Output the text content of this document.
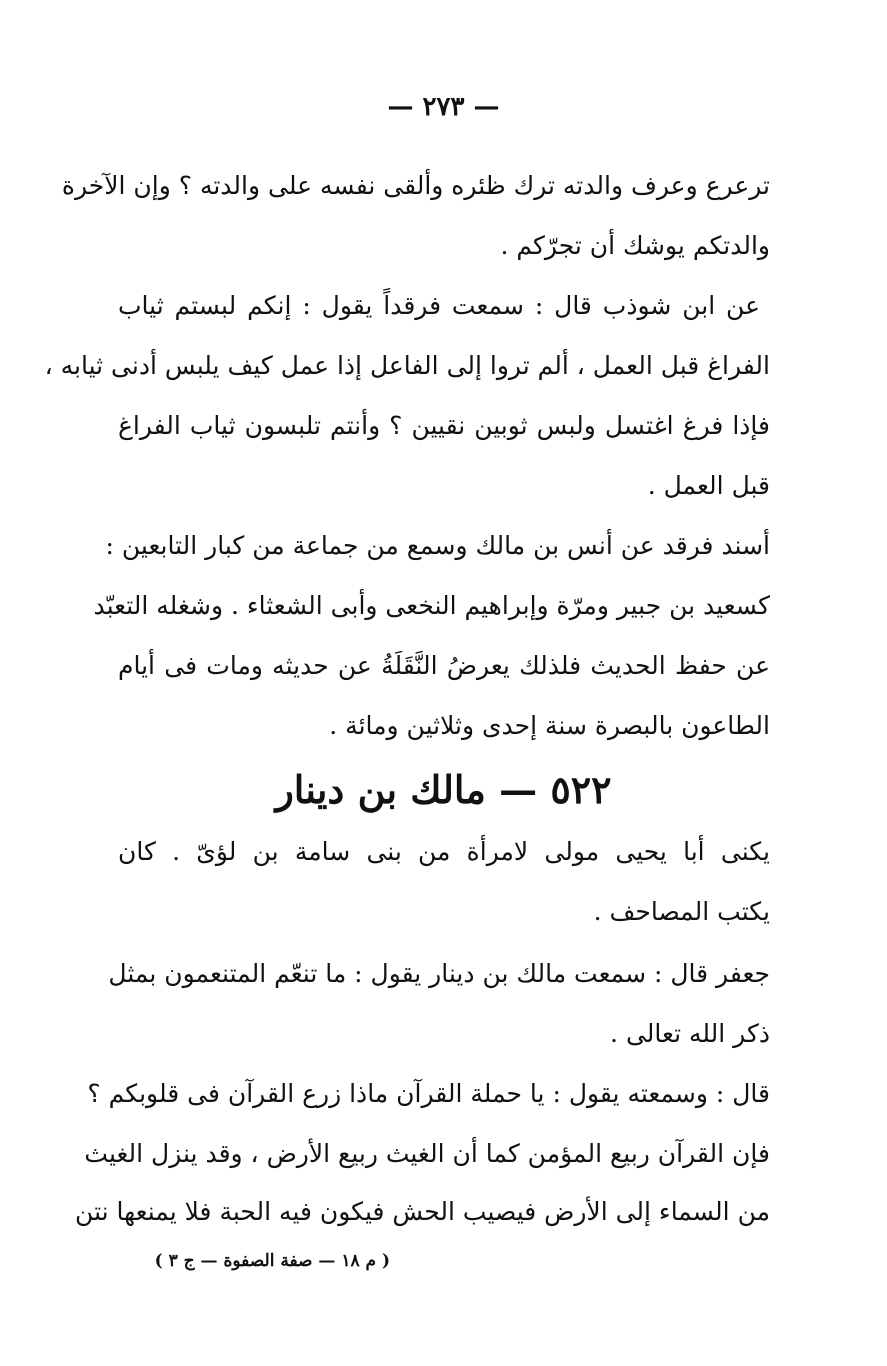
— ٢٧٣ —
ترعرع وعرف والدته ترك ظئره وألقى نفسه على والدته ؟ وإن الآخرة
والدتكم يوشك أن تجرّكم .
عن ابن شوذب قال : سمعت فرقداً يقول : إنكم لبستم ثياب
الفراغ قبل العمل ، ألم تروا إلى الفاعل إذا عمل كيف يلبس أدنى ثيابه ،
فإذا فرغ اغتسل ولبس ثوبين نقيين ؟ وأنتم تلبسون ثياب الفراغ
قبل العمل .
أسند فرقد عن أنس بن مالك وسمع من جماعة من كبار التابعين :
كسعيد بن جبير ومرّة وإبراهيم النخعى وأبى الشعثاء . وشغله التعبّد
عن حفظ الحديث فلذلك يعرضُ النَّقَلَةُ عن حديثه ومات فى أيام
الطاعون بالبصرة سنة إحدى وثلاثين ومائة .
٥٢٢ — مالك بن دينار
يكنى أبا يحيى مولى لامرأة من بنى سامة بن لؤىّ . كان
يكتب المصاحف .
جعفر قال : سمعت مالك بن دينار يقول : ما تنعّم المتنعمون بمثل
ذكر الله تعالى .
قال : وسمعته يقول : يا حملة القرآن ماذا زرع القرآن فى قلوبكم ؟
فإن القرآن ربيع المؤمن كما أن الغيث ربيع الأرض ، وقد ينزل الغيث
من السماء إلى الأرض فيصيب الحش فيكون فيه الحبة فلا يمنعها نتن
( م ١٨ — صفة الصفوة — ج ٣ )
